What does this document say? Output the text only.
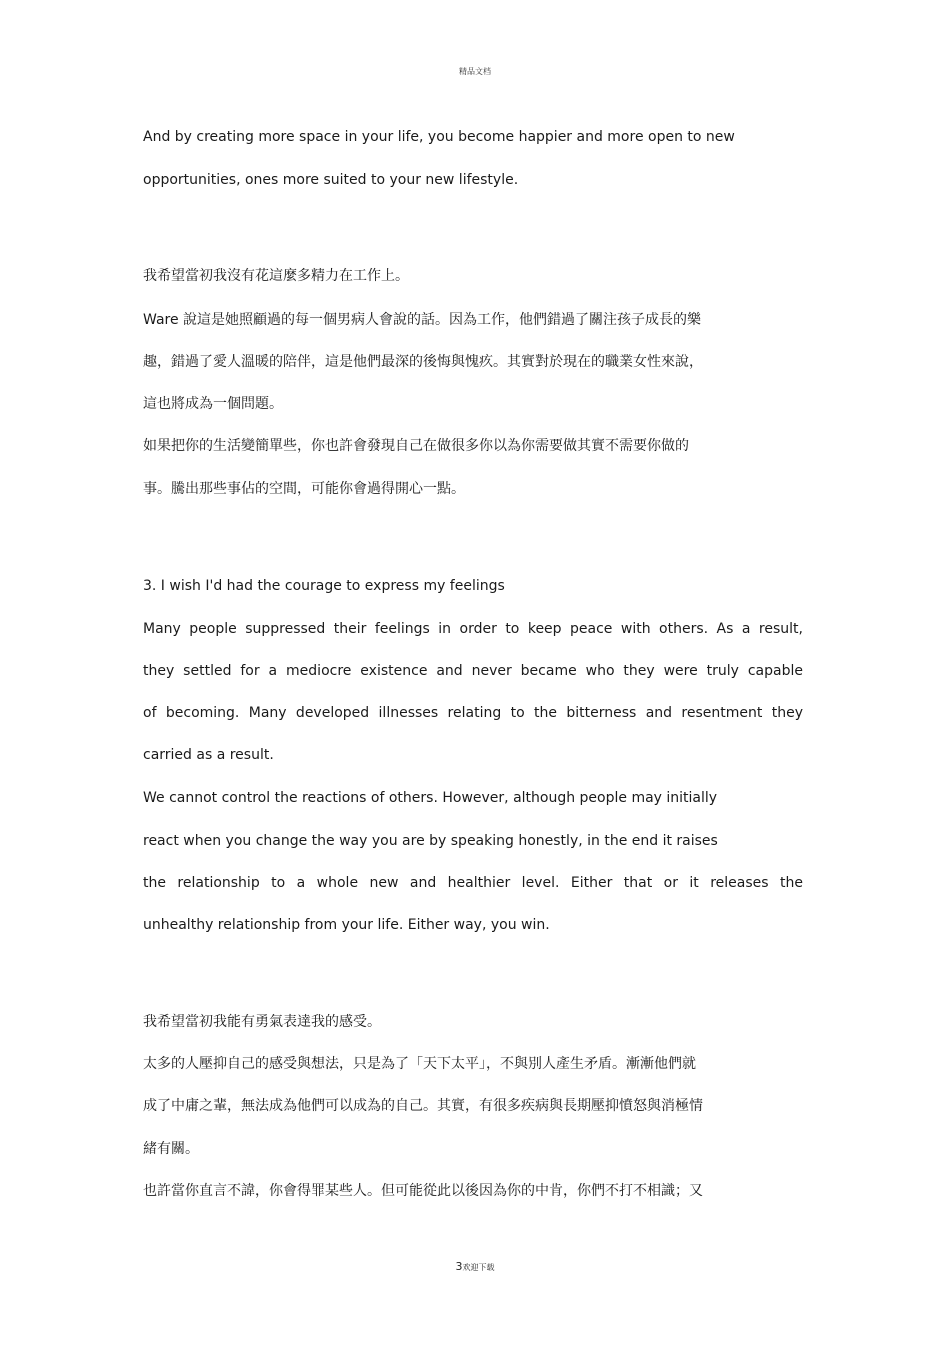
精品文档
And by creating more space in your life, you become happier and more open to new
opportunities, ones more suited to your new lifestyle.
我希望當初我沒有花這麼多精力在工作上。
Ware 說這是她照顧過的每一個男病人會說的話。因為工作，他們錯過了關注孩子成長的樂
趣，錯過了愛人溫暖的陪伴，這是他們最深的後悔與愧疚。其實對於現在的職業女性來說，
這也將成為一個問題。
如果把你的生活變簡單些，你也許會發現自己在做很多你以為你需要做其實不需要你做的
事。騰出那些事佔的空間，可能你會過得開心一點。
3. I wish I'd had the courage to express my feelings
Many people suppressed their feelings in order to keep peace with others. As a result,
they settled for a mediocre existence and never became who they were truly capable
of becoming. Many developed illnesses relating to the bitterness and resentment they
carried as a result.
We cannot control the reactions of others. However, although people may initially
react when you change the way you are by speaking honestly, in the end it raises
the relationship to a whole new and healthier level. Either that or it releases the
unhealthy relationship from your life. Either way, you win.
我希望當初我能有勇氣表達我的感受。
太多的人壓抑自己的感受與想法，只是為了「天下太平」，不與別人產生矛盾。漸漸他們就
成了中庸之輩，無法成為他們可以成為的自己。其實，有很多疾病與長期壓抑憤怒與消極情
緒有關。
也許當你直言不諱，你會得罪某些人。但可能從此以後因為你的中肯，你們不打不相識；又
3欢迎下载
